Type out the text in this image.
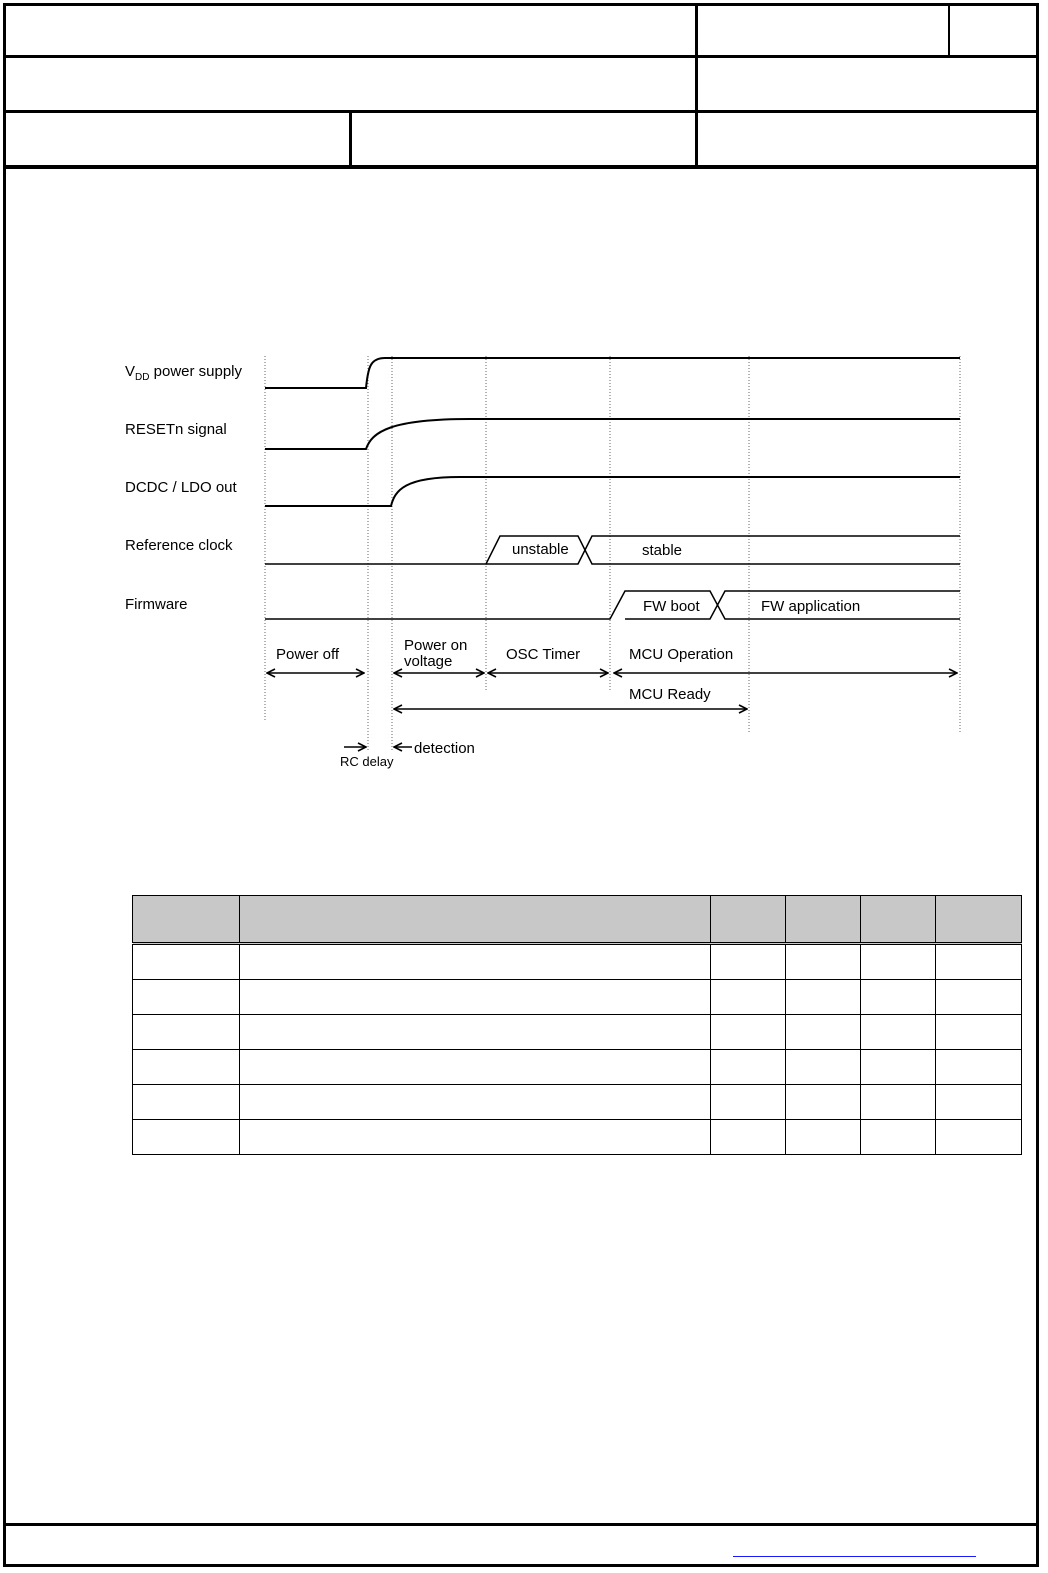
$V_{DD}$ power supply
RESETn signal
DCDC / LDO out
Reference clock
Firmware
unstable	stable
FW boot	FW application
Power off
Power on
voltage	OSC Timer	MCU Operation
MCU Ready
detection
RC delay
